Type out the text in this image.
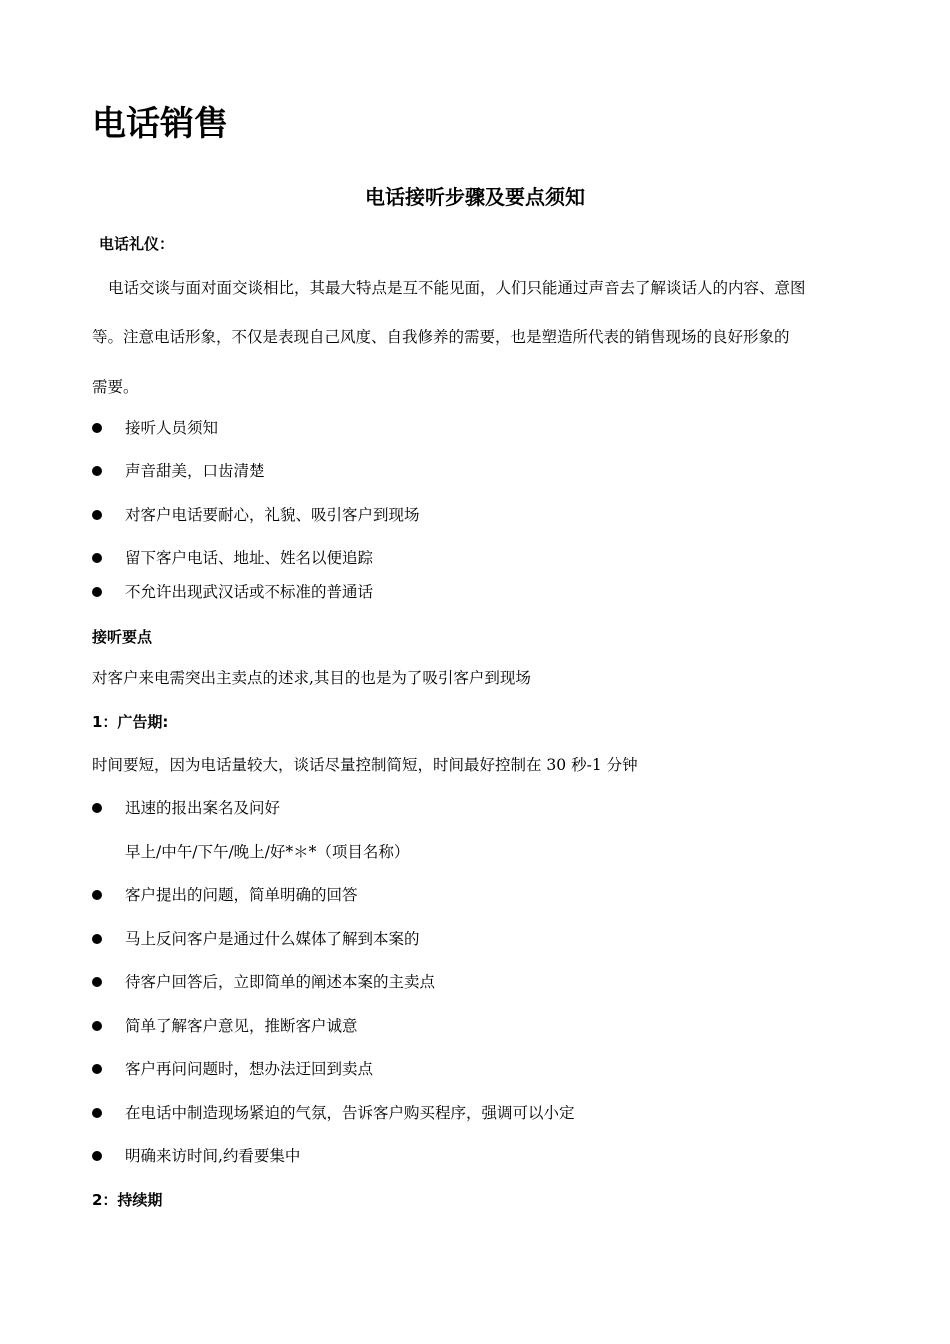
电话销售
电话接听步骤及要点须知
电话礼仪：
电话交谈与面对面交谈相比，其最大特点是互不能见面，人们只能通过声音去了解谈话人的内容、意图
等。注意电话形象，不仅是表现自己风度、自我修养的需要，也是塑造所代表的销售现场的良好形象的
需要。
接听人员须知
声音甜美，口齿清楚
对客户电话要耐心，礼貌、吸引客户到现场
留下客户电话、地址、姓名以便追踪
不允许出现武汉话或不标准的普通话
接听要点
对客户来电需突出主卖点的述求,其目的也是为了吸引客户到现场
1：广告期:
时间要短，因为电话量较大，谈话尽量控制简短，时间最好控制在 30 秒-1 分钟
迅速的报出案名及问好
早上/中午/下午/晚上/好*＊*（项目名称）
客户提出的问题，简单明确的回答
马上反问客户是通过什么媒体了解到本案的
待客户回答后，立即简单的阐述本案的主卖点
简单了解客户意见，推断客户诚意
客户再问问题时，想办法迂回到卖点
在电话中制造现场紧迫的气氛，告诉客户购买程序，强调可以小定
明确来访时间,约看要集中
2：持续期
